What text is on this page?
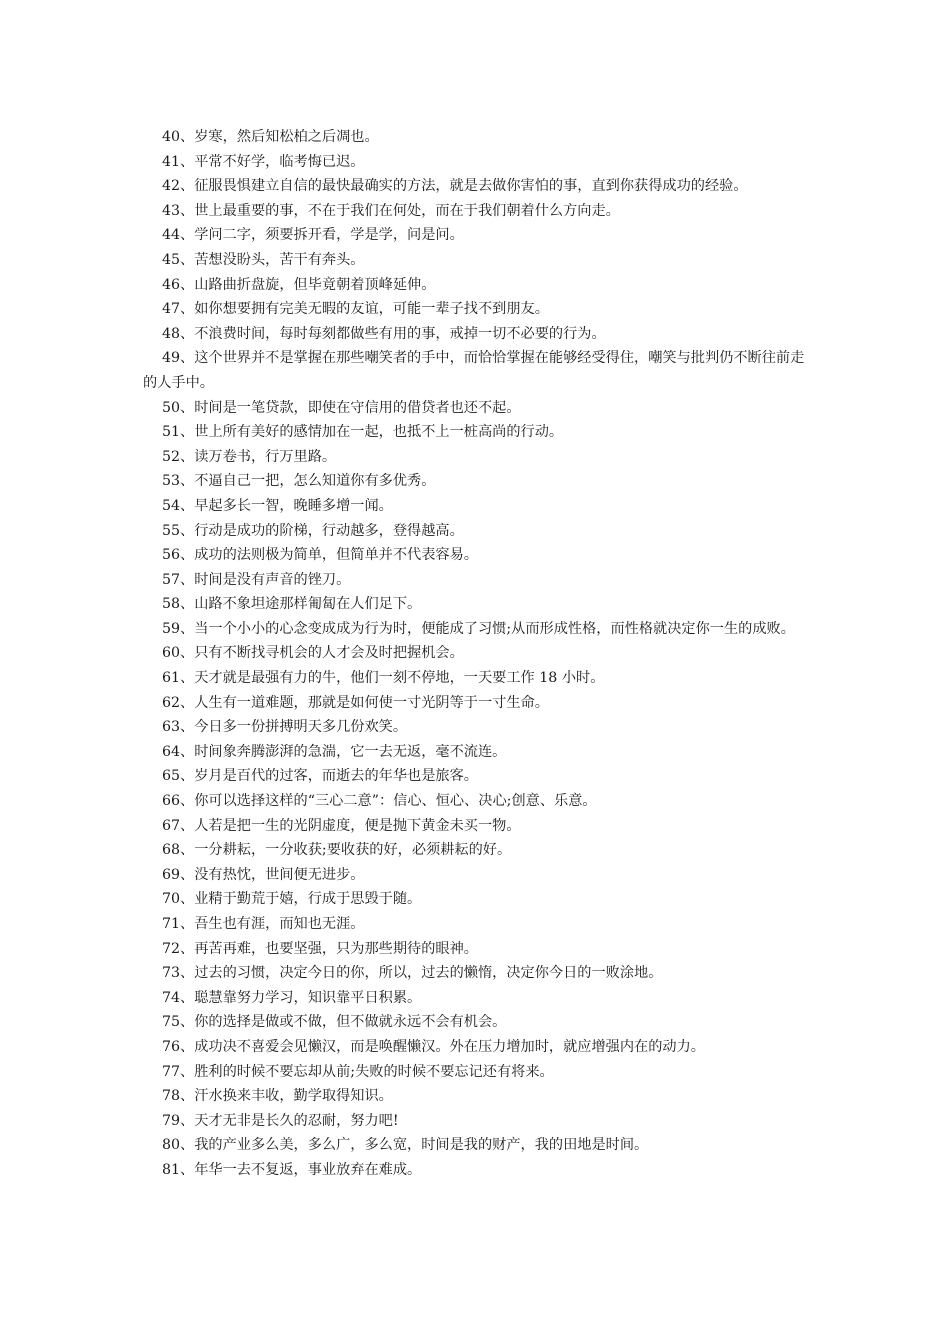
40、岁寒，然后知松柏之后凋也。

41、平常不好学，临考悔已迟。

42、征服畏惧建立自信的最快最确实的方法，就是去做你害怕的事，直到你获得成功的经验。

43、世上最重要的事，不在于我们在何处，而在于我们朝着什么方向走。

44、学问二字，须要拆开看，学是学，问是问。

45、苦想没盼头，苦干有奔头。

46、山路曲折盘旋，但毕竟朝着顶峰延伸。

47、如你想要拥有完美无暇的友谊，可能一辈子找不到朋友。

48、不浪费时间，每时每刻都做些有用的事，戒掉一切不必要的行为。

49、这个世界并不是掌握在那些嘲笑者的手中，而恰恰掌握在能够经受得住，嘲笑与批判仍不断往前走的人手中。

50、时间是一笔贷款，即使在守信用的借贷者也还不起。

51、世上所有美好的感情加在一起，也抵不上一桩高尚的行动。

52、读万卷书，行万里路。

53、不逼自己一把，怎么知道你有多优秀。

54、早起多长一智，晚睡多增一闻。

55、行动是成功的阶梯，行动越多，登得越高。

56、成功的法则极为简单，但简单并不代表容易。

57、时间是没有声音的锉刀。

58、山路不象坦途那样匍匐在人们足下。

59、当一个小小的心念变成成为行为时，便能成了习惯;从而形成性格，而性格就决定你一生的成败。

60、只有不断找寻机会的人才会及时把握机会。

61、天才就是最强有力的牛，他们一刻不停地，一天要工作 18 小时。

62、人生有一道难题，那就是如何使一寸光阴等于一寸生命。

63、今日多一份拼搏明天多几份欢笑。

64、时间象奔腾澎湃的急湍，它一去无返，毫不流连。

65、岁月是百代的过客，而逝去的年华也是旅客。

66、你可以选择这样的“三心二意”：信心、恒心、决心;创意、乐意。

67、人若是把一生的光阴虚度，便是抛下黄金未买一物。

68、一分耕耘，一分收获;要收获的好，必须耕耘的好。

69、没有热忱，世间便无进步。

70、业精于勤荒于嬉，行成于思毁于随。

71、吾生也有涯，而知也无涯。

72、再苦再难，也要坚强，只为那些期待的眼神。

73、过去的习惯，决定今日的你，所以，过去的懒惰，决定你今日的一败涂地。

74、聪慧靠努力学习，知识靠平日积累。

75、你的选择是做或不做，但不做就永远不会有机会。

76、成功决不喜爱会见懒汉，而是唤醒懒汉。外在压力增加时，就应增强内在的动力。

77、胜利的时候不要忘却从前;失败的时候不要忘记还有将来。

78、汗水换来丰收，勤学取得知识。

79、天才无非是长久的忍耐，努力吧!

80、我的产业多么美，多么广，多么宽，时间是我的财产，我的田地是时间。

81、年华一去不复返，事业放弃在难成。
